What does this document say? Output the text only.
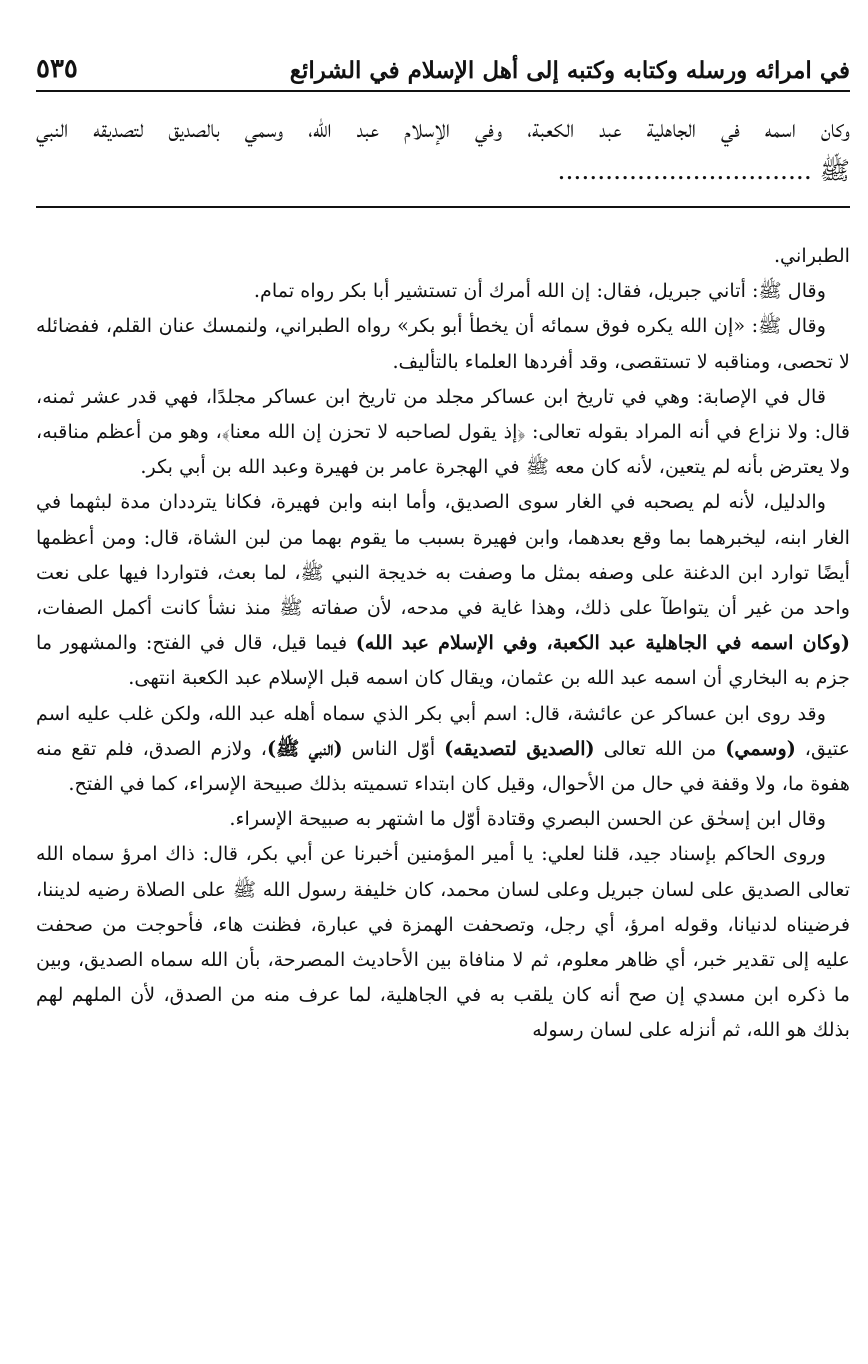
في امرائه ورسله وكتابه وكتبه إلى أهل الإسلام في الشرائع
٥٣٥

وكان اسمه في الجاهلية عبد الكعبة، وفي الإسلام عبد الله، وسمي بالصديق لتصديقه النبي ﷺ................................

الطبراني.

وقال ﷺ: أتاني جبريل، فقال: إن الله أمرك أن تستشير أبا بكر رواه تمام.

وقال ﷺ: «إن الله يكره فوق سمائه أن يخطأ أبو بكر» رواه الطبراني، ولنمسك عنان القلم، ففضائله لا تحصى، ومناقبه لا تستقصى، وقد أفردها العلماء بالتأليف.

قال في الإصابة: وهي في تاريخ ابن عساكر مجلد من تاريخ ابن عساكر مجلدًا، فهي قدر عشر ثمنه، قال: ولا نزاع في أنه المراد بقوله تعالى: ﴿إذ يقول لصاحبه لا تحزن إن الله معنا﴾، وهو من أعظم مناقبه، ولا يعترض بأنه لم يتعين، لأنه كان معه ﷺ في الهجرة عامر بن فهيرة وعبد الله بن أبي بكر.

والدليل، لأنه لم يصحبه في الغار سوى الصديق، وأما ابنه وابن فهيرة، فكانا يترددان مدة لبثهما في الغار ابنه، ليخبرهما بما وقع بعدهما، وابن فهيرة بسبب ما يقوم بهما من لبن الشاة، قال: ومن أعظمها أيضًا توارد ابن الدغنة على وصفه بمثل ما وصفت به خديجة النبي ﷺ، لما بعث، فتواردا فيها على نعت واحد من غير أن يتواطآ على ذلك، وهذا غاية في مدحه، لأن صفاته ﷺ منذ نشأ كانت أكمل الصفات، (وكان اسمه في الجاهلية عبد الكعبة، وفي الإسلام عبد الله) فيما قيل، قال في الفتح: والمشهور ما جزم به البخاري أن اسمه عبد الله بن عثمان، ويقال كان اسمه قبل الإسلام عبد الكعبة انتهى.

وقد روى ابن عساكر عن عائشة، قال: اسم أبي بكر الذي سماه أهله عبد الله، ولكن غلب عليه اسم عتيق، (وسمي) من الله تعالى (الصديق لتصديقه) أوّل الناس (النبي ﷺ)، ولازم الصدق، فلم تقع منه هفوة ما، ولا وقفة في حال من الأحوال، وقيل كان ابتداء تسميته بذلك صبيحة الإسراء، كما في الفتح.

وقال ابن إسحٰق عن الحسن البصري وقتادة أوّل ما اشتهر به صبيحة الإسراء.

وروى الحاكم بإسناد جيد، قلنا لعلي: يا أمير المؤمنين أخبرنا عن أبي بكر، قال: ذاك امرؤ سماه الله تعالى الصديق على لسان جبريل وعلى لسان محمد، كان خليفة رسول الله ﷺ على الصلاة رضيه لديننا، فرضيناه لدنيانا، وقوله امرؤ، أي رجل، وتصحفت الهمزة في عبارة، فظنت هاء، فأحوجت من صحفت عليه إلى تقدير خبر، أي ظاهر معلوم، ثم لا منافاة بين الأحاديث المصرحة، بأن الله سماه الصديق، وبين ما ذكره ابن مسدي إن صح أنه كان يلقب به في الجاهلية، لما عرف منه من الصدق، لأن الملهم لهم بذلك هو الله، ثم أنزله على لسان رسوله
